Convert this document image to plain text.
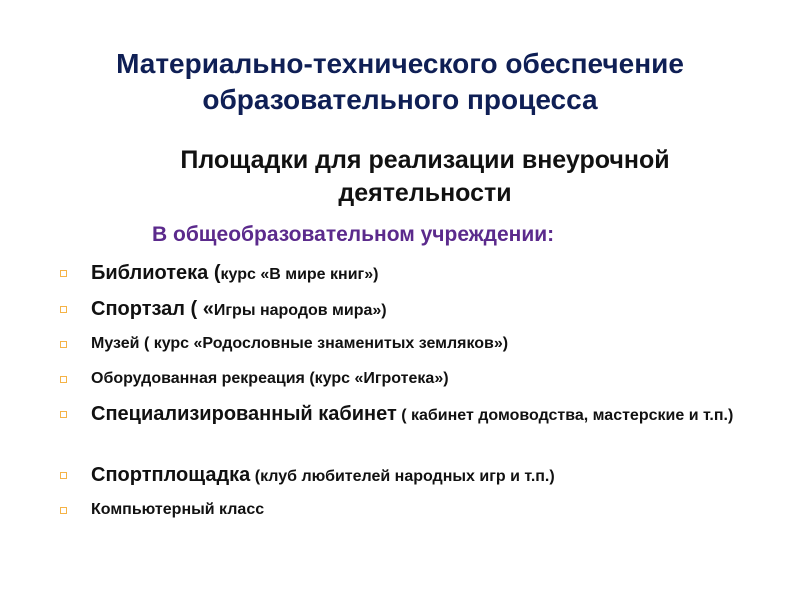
Материально-технического обеспечение
образовательного процесса
Площадки для реализации внеурочной
деятельности
В общеобразовательном учреждении:
Библиотека (курс «В мире книг»)
Спортзал ( «Игры народов мира»)
Музей ( курс «Родословные знаменитых земляков»)
Оборудованная рекреация (курс «Игротека»)
Специализированный кабинет ( кабинет домоводства, мастерские и т.п.)
Спортплощадка (клуб любителей народных игр и т.п.)
Компьютерный класс
